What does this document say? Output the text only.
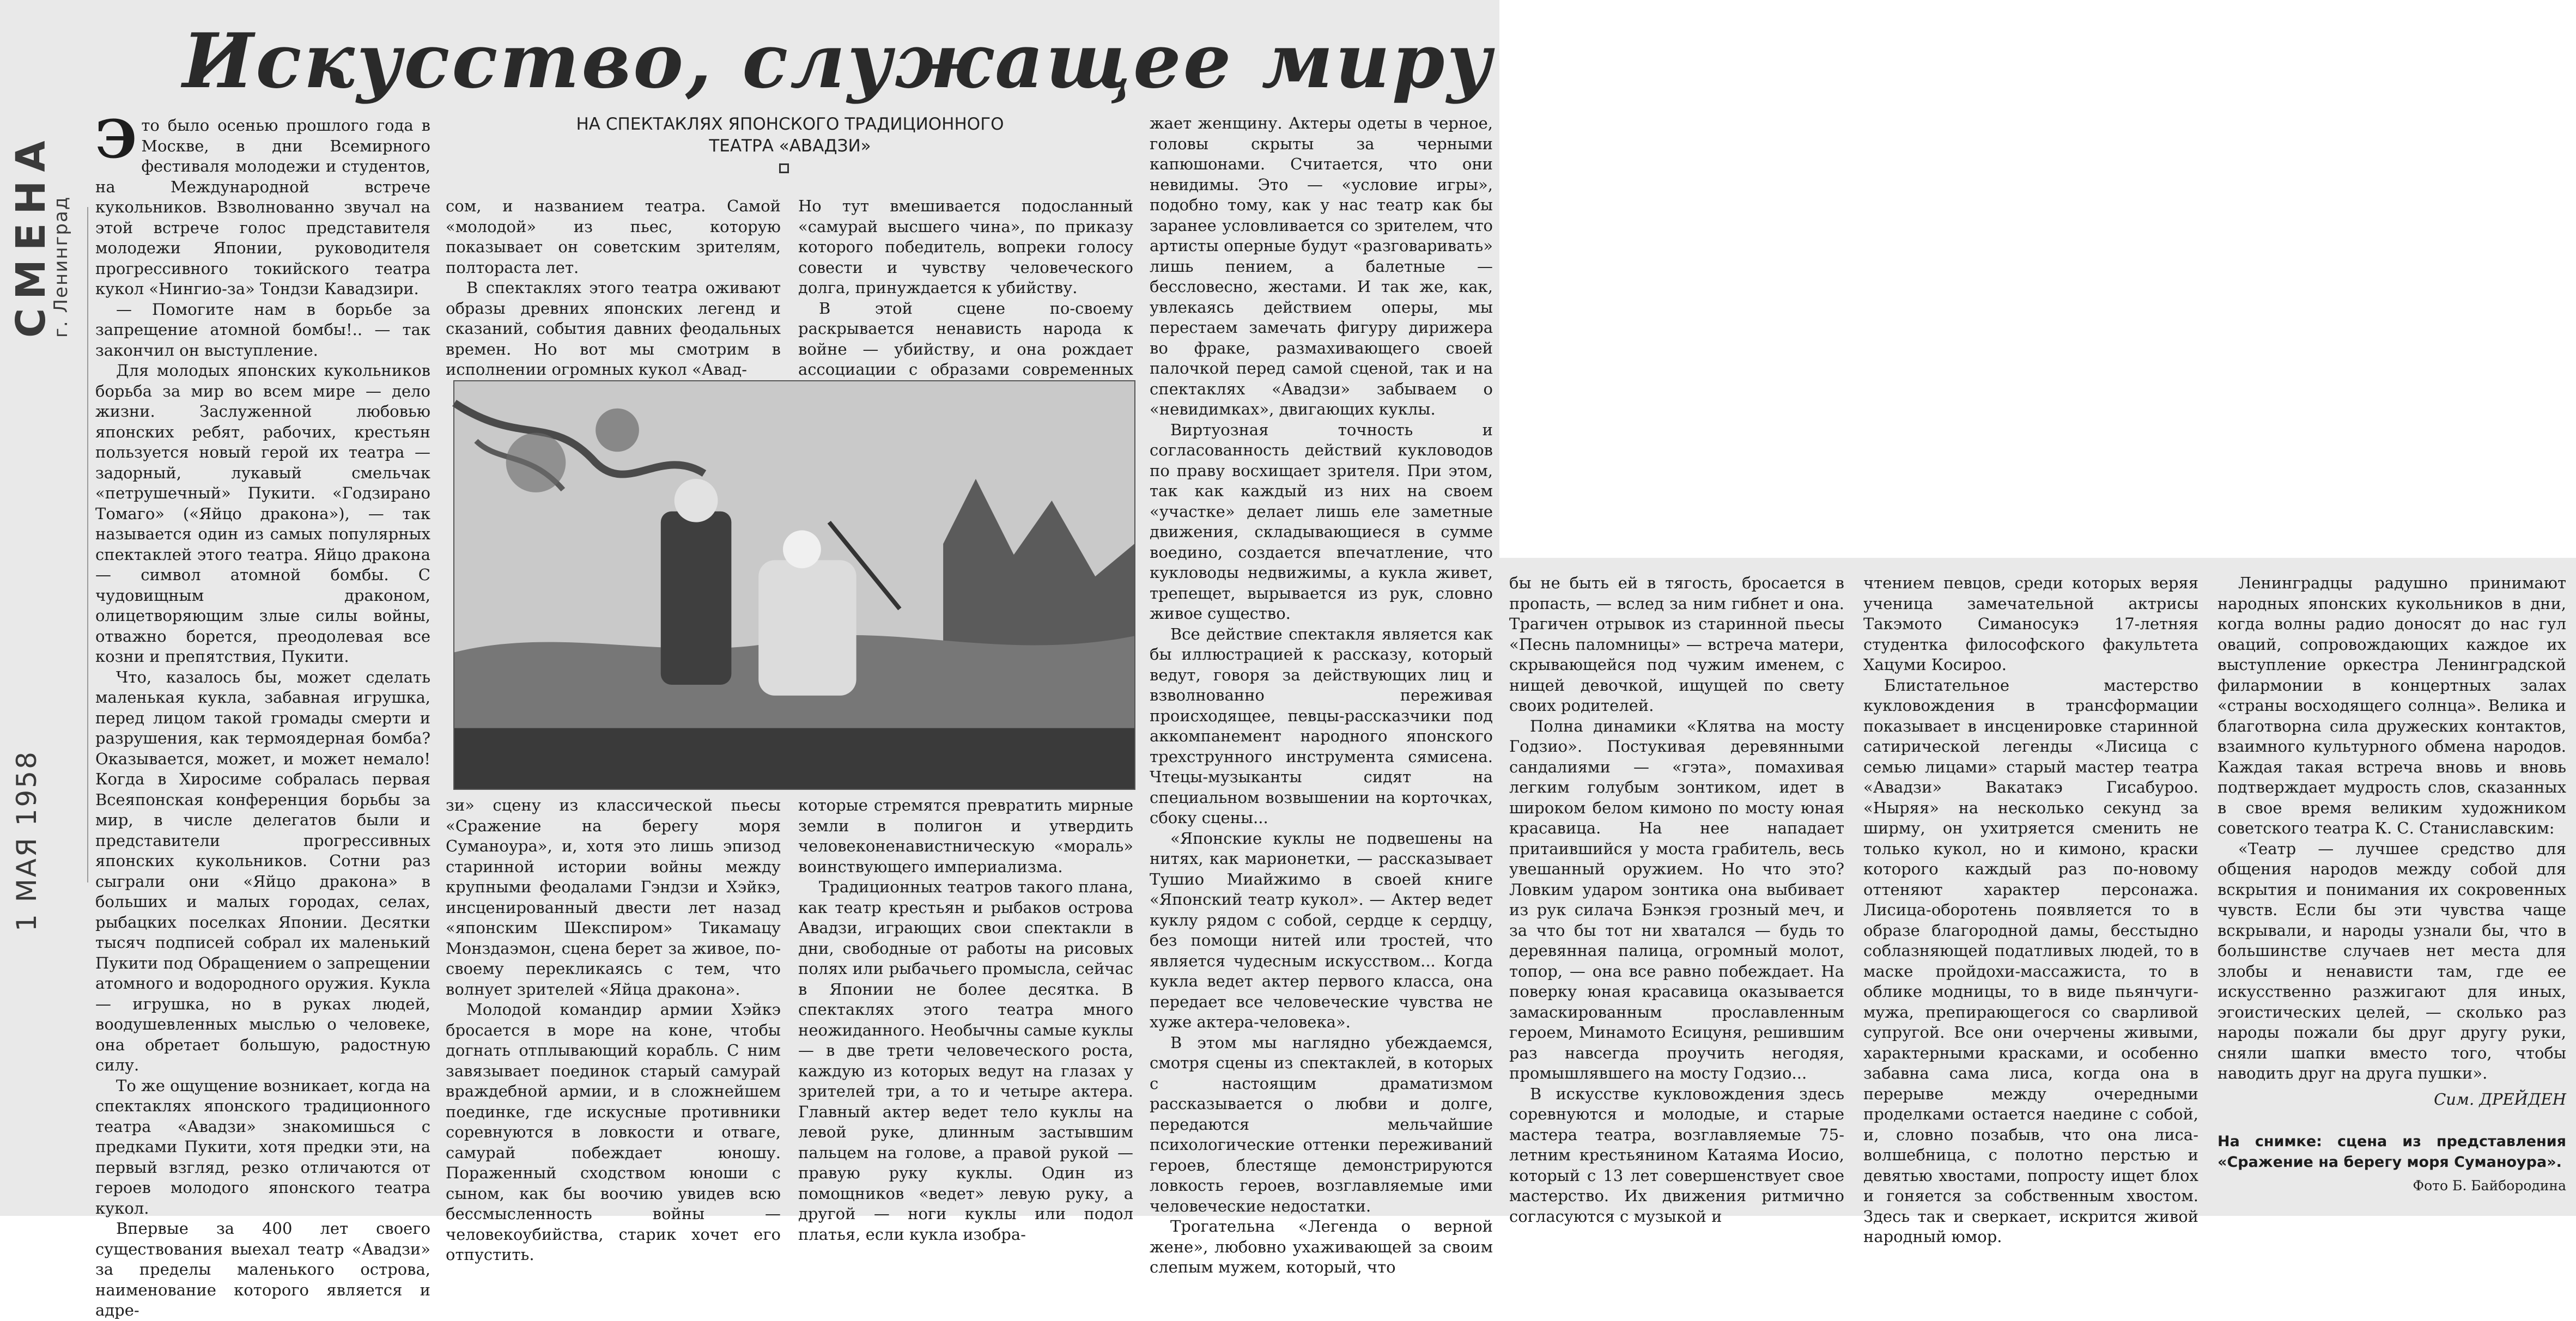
СМЕНА
г. Ленинград
1 МАЯ 1958
Искусство, служащее миру
НА СПЕКТАКЛЯХ ЯПОНСКОГО ТРАДИЦИОННОГО ТЕАТРА «АВАДЗИ»

Это было осенью прошлого года в Москве, в дни Всемирного фестиваля молодежи и студентов, на Международной встрече кукольников. Взволнованно звучал на этой встрече голос представителя молодежи Японии, руководителя прогрессивного токийского театра кукол «Нингио-за» Тондзи Кавадзири.

— Помогите нам в борьбе за запрещение атомной бомбы!.. — так закончил он выступление.

Для молодых японских кукольников борьба за мир во всем мире — дело жизни. Заслуженной любовью японских ребят, рабочих, крестьян пользуется новый герой их театра — задорный, лукавый смельчак «петрушечный» Пукити. «Годзирано Томаго» («Яйцо дракона»), — так называется один из самых популярных спектаклей этого театра. Яйцо дракона — символ атомной бомбы. С чудовищным драконом, олицетворяющим злые силы войны, отважно борется, преодолевая все козни и препятствия, Пукити.

Что, казалось бы, может сделать маленькая кукла, забавная игрушка, перед лицом такой громады смерти и разрушения, как термоядерная бомба? Оказывается, может, и может немало! Когда в Хиросиме собралась первая Всеяпонская конференция борьбы за мир, в числе делегатов были и представители прогрессивных японских кукольников. Сотни раз сыграли они «Яйцо дракона» в больших и малых городах, селах, рыбацких поселках Японии. Десятки тысяч подписей собрал их маленький Пукити под Обращением о запрещении атомного и водородного оружия. Кукла — игрушка, но в руках людей, воодушевленных мыслью о человеке, она обретает большую, радостную силу.

То же ощущение возникает, когда на спектаклях японского традиционного театра «Авадзи» знакомишься с предками Пукити, хотя предки эти, на первый взгляд, резко отличаются от героев молодого японского театра кукол.

Впервые за 400 лет своего существования выехал театр «Авадзи» за пределы маленького острова, наименование которого является и адре-

сом, и названием театра. Самой «молодой» из пьес, которую показывает он советским зрителям, полтораста лет.

В спектаклях этого театра оживают образы древних японских легенд и сказаний, события давних феодальных времен. Но вот мы смотрим в исполнении огромных кукол «Авад-

Но тут вмешивается подосланный «самурай высшего чина», по приказу которого победитель, вопреки голосу совести и чувству человеческого долга, принуждается к убийству.

В этой сцене по-своему раскрывается ненависть народа к войне — убийству, и она рождает ассоциации с образами современных

зи» сцену из классической пьесы «Сражение на берегу моря Суманоура», и, хотя это лишь эпизод старинной истории войны между крупными феодалами Гэндзи и Хэйкэ, инсценированный двести лет назад «японским Шекспиром» Тикамацу Монздаэмон, сцена берет за живое, по-своему перекликаясь с тем, что волнует зрителей «Яйца дракона».

Молодой командир армии Хэйкэ бросается в море на коне, чтобы догнать отплывающий корабль. С ним завязывает поединок старый самурай враждебной армии, и в сложнейшем поединке, где искусные противники соревнуются в ловкости и отваге, самурай побеждает юношу. Пораженный сходством юноши с сыном, как бы воочию увидев всю бессмысленность войны — человекоубийства, старик хочет его отпустить.

которые стремятся превратить мирные земли в полигон и утвердить человеконенавистническую «мораль» воинствующего империализма.

Традиционных театров такого плана, как театр крестьян и рыбаков острова Авадзи, играющих свои спектакли в дни, свободные от работы на рисовых полях или рыбачьего промысла, сейчас в Японии не более десятка. В спектаклях этого театра много неожиданного. Необычны самые куклы — в две трети человеческого роста, каждую из которых ведут на глазах у зрителей три, а то и четыре актера. Главный актер ведет тело куклы на левой руке, длинным застывшим пальцем на голове, а правой рукой — правую руку куклы. Один из помощников «ведет» левую руку, а другой — ноги куклы или подол платья, если кукла изобра-

жает женщину. Актеры одеты в черное, головы скрыты за черными капюшонами. Считается, что они невидимы. Это — «условие игры», подобно тому, как у нас театр как бы заранее условливается со зрителем, что артисты оперные будут «разговаривать» лишь пением, а балетные — бессловесно, жестами. И так же, как, увлекаясь действием оперы, мы перестаем замечать фигуру дирижера во фраке, размахивающего своей палочкой перед самой сценой, так и на спектаклях «Авадзи» забываем о «невидимках», двигающих куклы.

Виртуозная точность и согласованность действий кукловодов по праву восхищает зрителя. При этом, так как каждый из них на своем «участке» делает лишь еле заметные движения, складывающиеся в сумме воедино, создается впечатление, что кукловоды недвижимы, а кукла живет, трепещет, вырывается из рук, словно живое существо.

Все действие спектакля является как бы иллюстрацией к рассказу, который ведут, говоря за действующих лиц и взволнованно переживая происходящее, певцы-рассказчики под аккомпанемент народного японского трехструнного инструмента сямисена. Чтецы-музыканты сидят на специальном возвышении на корточках, сбоку сцены...

«Японские куклы не подвешены на нитях, как марионетки, — рассказывает Тушио Миайжимо в своей книге «Японский театр кукол». — Актер ведет куклу рядом с собой, сердце к сердцу, без помощи нитей или тростей, что является чудесным искусством... Когда кукла ведет актер первого класса, она передает все человеческие чувства не хуже актера-человека».

В этом мы наглядно убеждаемся, смотря сцены из спектаклей, в которых с настоящим драматизмом рассказывается о любви и долге, передаются мельчайшие психологические оттенки переживаний героев, блестяще демонстрируются ловкость героев, возглавляемые ими человеческие недостатки.

Трогательна «Легенда о верной жене», любовно ухаживающей за своим слепым мужем, который, что

бы не быть ей в тягость, бросается в пропасть, — вслед за ним гибнет и она. Трагичен отрывок из старинной пьесы «Песнь паломницы» — встреча матери, скрывающейся под чужим именем, с нищей девочкой, ищущей по свету своих родителей.

Полна динамики «Клятва на мосту Годзио». Постукивая деревянными сандалиями — «гэта», помахивая легким голубым зонтиком, идет в широком белом кимоно по мосту юная красавица. На нее нападает притаившийся у моста грабитель, весь увешанный оружием. Но что это? Ловким ударом зонтика она выбивает из рук силача Бэнкэя грозный меч, и за что бы тот ни хватался — будь то деревянная палица, огромный молот, топор, — она все равно побеждает. На поверку юная красавица оказывается замаскированным прославленным героем, Минамото Есицуня, решившим раз навсегда проучить негодяя, промышлявшего на мосту Годзио...

В искусстве кукловождения здесь соревнуются и молодые, и старые мастера театра, возглавляемые 75-летним крестьянином Катаяма Иосио, который с 13 лет совершенствует свое мастерство. Их движения ритмично согласуются с музыкой и

чтением певцов, среди которых веряя ученица замечательной актрисы Такэмото Симаносукэ 17-летняя студентка философского факультета Хацуми Косироо.

Блистательное мастерство кукловождения в трансформации показывает в инсценировке старинной сатирической легенды «Лисица с семью лицами» старый мастер театра «Авадзи» Вакатакэ Гисабуроо. «Ныряя» на несколько секунд за ширму, он ухитряется сменить не только кукол, но и кимоно, краски которого каждый раз по-новому оттеняют характер персонажа. Лисица-оборотень появляется то в образе благородной дамы, бесстыдно соблазняющей податливых людей, то в маске пройдохи-массажиста, то в облике модницы, то в виде пьянчуги-мужа, препирающегося со сварливой супругой. Все они очерчены живыми, характерными красками, и особенно забавна сама лиса, когда она в перерыве между очередными проделками остается наедине с собой, и, словно позабыв, что она лиса-волшебница, с полотно перстью и девятью хвостами, попросту ищет блох и гоняется за собственным хвостом. Здесь так и сверкает, искрится живой народный юмор.

Ленинградцы радушно принимают народных японских кукольников в дни, когда волны радио доносят до нас гул оваций, сопровождающих каждое их выступление оркестра Ленинградской филармонии в концертных залах «страны восходящего солнца». Велика и благотворна сила дружеских контактов, взаимного культурного обмена народов. Каждая такая встреча вновь и вновь подтверждает мудрость слов, сказанных в свое время великим художником советского театра К. С. Станиславским:

«Театр — лучшее средство для общения народов между собой для вскрытия и понимания их сокровенных чувств. Если бы эти чувства чаще вскрывали, и народы узнали бы, что в большинстве случаев нет места для злобы и ненависти там, где ее искусственно разжигают для иных, эгоистических целей, — сколько раз народы пожали бы друг другу руки, сняли шапки вместо того, чтобы наводить друг на друга пушки».

Сим. ДРЕЙДЕН

На снимке: сцена из представления «Сражение на берегу моря Суманоура».

Фото Б. Байбородина
